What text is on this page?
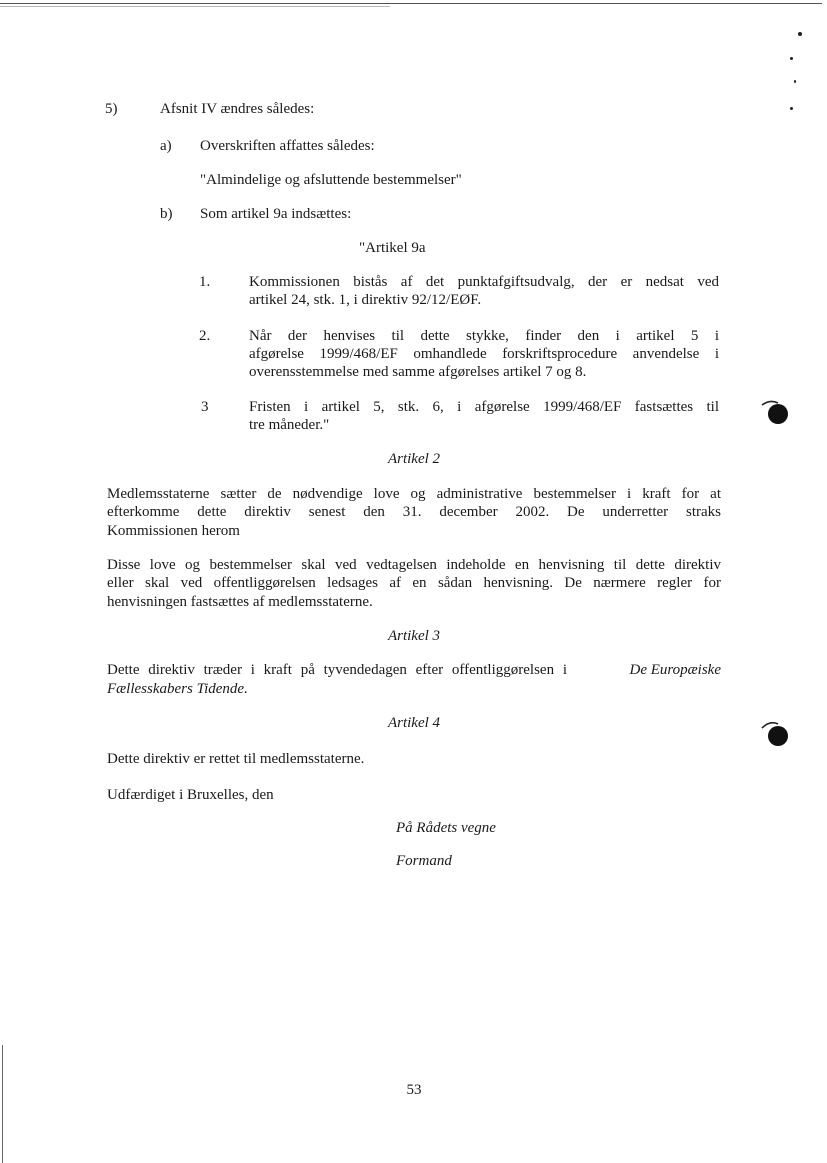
5)	Afsnit IV ændres således:
a) Overskriften affattes således:
"Almindelige og afsluttende bestemmelser"
b) Som artikel 9a indsættes:
"Artikel 9a
1.	Kommissionen bistås af det punktafgiftsudvalg, der er nedsat ved
artikel 24, stk. 1, i direktiv 92/12/EØF.
2.	Når der henvises til dette stykke, finder den i artikel 5 i
afgørelse 1999/468/EF omhandlede forskriftsprocedure anvendelse i
overensstemmelse med samme afgørelses artikel 7 og 8.
3	Fristen i artikel 5, stk. 6, i afgørelse 1999/468/EF fastsættes til
tre måneder."
Artikel 2
Medlemsstaterne sætter de nødvendige love og administrative bestemmelser i kraft for at
efterkomme dette direktiv senest den 31. december 2002. De underretter straks
Kommissionen herom
Disse love og bestemmelser skal ved vedtagelsen indeholde en henvisning til dette direktiv
eller skal ved offentliggørelsen ledsages af en sådan henvisning. De nærmere regler for
henvisningen fastsættes af medlemsstaterne.
Artikel 3
Dette direktiv træder i kraft på tyvendedagen efter offentliggørelsen i	De Europæiske
Fællesskabers Tidende.
Artikel 4
Dette direktiv er rettet til medlemsstaterne.
Udfærdiget i Bruxelles, den
På Rådets vegne
Formand
53
